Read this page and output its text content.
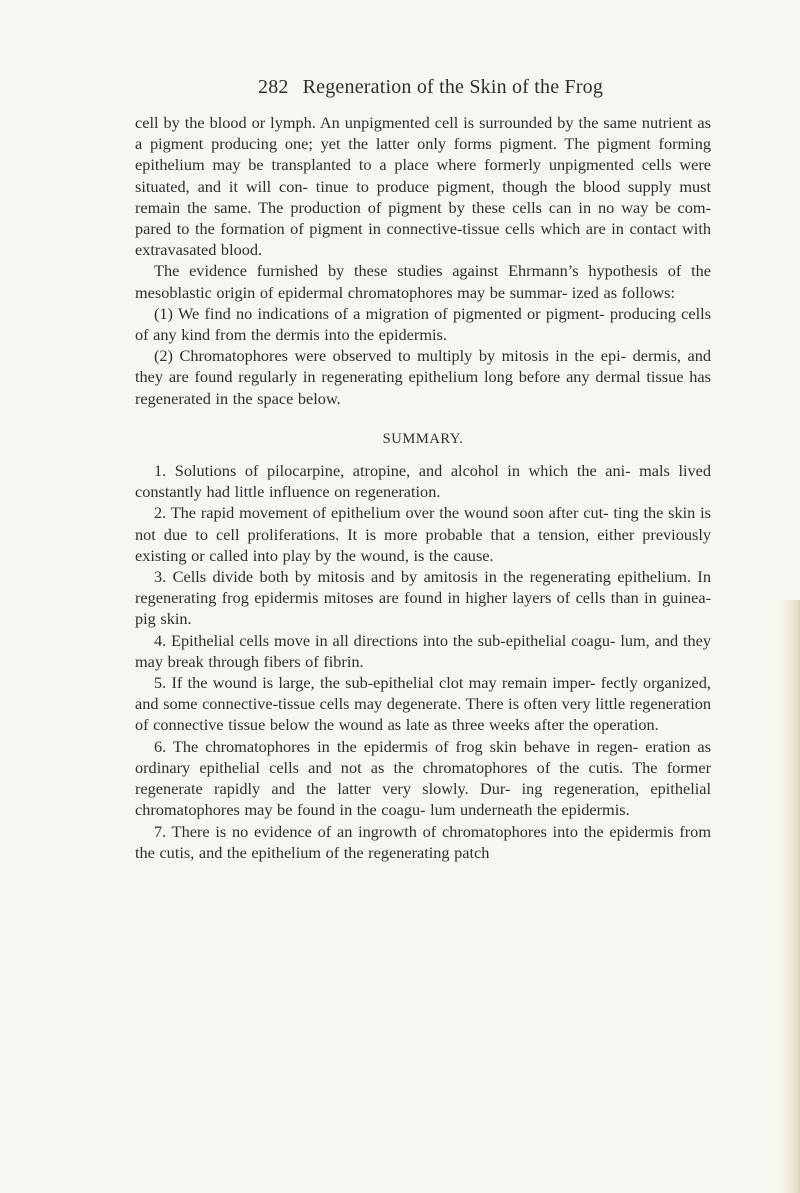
282 Regeneration of the Skin of the Frog

cell by the blood or lymph. An unpigmented cell is surrounded by the same nutrient as a pigment producing one; yet the latter only forms pigment. The pigment forming epithelium may be transplanted to a place where formerly unpigmented cells were situated, and it will con- tinue to produce pigment, though the blood supply must remain the same. The production of pigment by these cells can in no way be com- pared to the formation of pigment in connective-tissue cells which are in contact with extravasated blood.

The evidence furnished by these studies against Ehrmann’s hypothesis of the mesoblastic origin of epidermal chromatophores may be summar- ized as follows:

(1) We find no indications of a migration of pigmented or pigment- producing cells of any kind from the dermis into the epidermis.

(2) Chromatophores were observed to multiply by mitosis in the epi- dermis, and they are found regularly in regenerating epithelium long before any dermal tissue has regenerated in the space below.

SUMMARY.

1. Solutions of pilocarpine, atropine, and alcohol in which the ani- mals lived constantly had little influence on regeneration.

2. The rapid movement of epithelium over the wound soon after cut- ting the skin is not due to cell proliferations. It is more probable that a tension, either previously existing or called into play by the wound, is the cause.

3. Cells divide both by mitosis and by amitosis in the regenerating epithelium. In regenerating frog epidermis mitoses are found in higher layers of cells than in guinea-pig skin.

4. Epithelial cells move in all directions into the sub-epithelial coagu- lum, and they may break through fibers of fibrin.

5. If the wound is large, the sub-epithelial clot may remain imper- fectly organized, and some connective-tissue cells may degenerate. There is often very little regeneration of connective tissue below the wound as late as three weeks after the operation.

6. The chromatophores in the epidermis of frog skin behave in regen- eration as ordinary epithelial cells and not as the chromatophores of the cutis. The former regenerate rapidly and the latter very slowly. Dur- ing regeneration, epithelial chromatophores may be found in the coagu- lum underneath the epidermis.

7. There is no evidence of an ingrowth of chromatophores into the epidermis from the cutis, and the epithelium of the regenerating patch
